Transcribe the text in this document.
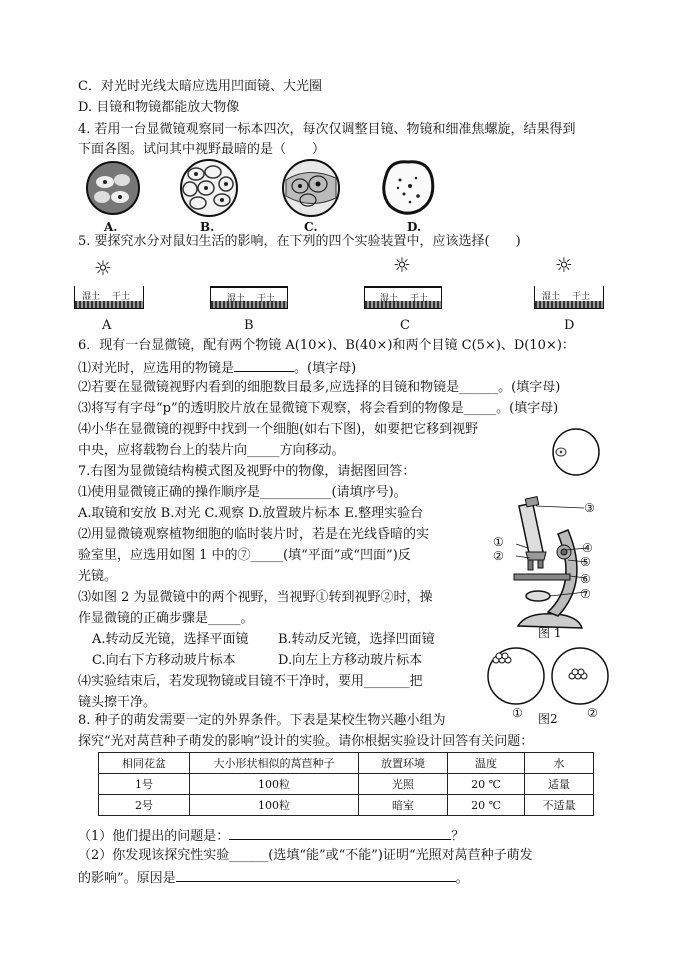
C．对光时光线太暗应选用凹面镜、大光圈
D. 目镜和物镜都能放大物像
4. 若用一台显微镜观察同一标本四次，每次仅调整目镜、物镜和细准焦螺旋，结果得到
下面各图。试问其中视野最暗的是（　　）
A.	B.	C.	D.
5. 要探究水分对鼠妇生活的影响，在下列的四个实验装置中，应该选择(　　)
☼	☼	☼
湿土 干土	湿土 干土	湿土 干土	湿土 干土
A	B	C	D
6．现有一台显微镜，配有两个物镜 A(10×)、B(40×)和两个目镜 C(5×)、D(10×)：
⑴对光时，应选用的物镜是	。(填字母)
⑵若要在显微镜视野内看到的细胞数目最多,应选择的目镜和物镜是______。(填字母)
⑶将写有字母“p”的透明胶片放在显微镜下观察，将会看到的物像是_____。(填字母)
⑷小华在显微镜的视野中找到一个细胞(如右下图)，如要把它移到视野
中央，应将载物台上的装片向_____方向移动。
7.右图为显微镜结构模式图及视野中的物像，请据图回答：
⑴使用显微镜正确的操作顺序是___________(请填序号)。
A.取镜和安放 B.对光 C.观察 D.放置玻片标本 E.整理实验台
⑵用显微镜观察植物细胞的临时装片时，若是在光线昏暗的实
验室里，应选用如图 1 中的⑦_____(填“平面”或“凹面”)反
光镜。
⑶如图 2 为显微镜中的两个视野，当视野①转到视野②时，操
作显微镜的正确步骤是_____。
A.转动反光镜，选择平面镜 B.转动反光镜，选择凹面镜
C.向右下方移动玻片标本	D.向左上方移动玻片标本
⑷实验结束后，若发现物镜或目镜不干净时，要用_______把
镜头擦干净。
③
①
②
④
⑤
⑥
⑦
图 1
①	②
图2
8. 种子的萌发需要一定的外界条件。下表是某校生物兴趣小组为
探究“光对莴苣种子萌发的影响”设计的实验。请你根据实验设计回答有关问题：
相同花盆	大小形状相似的莴苣种子	放置环境	温度	水
1号	100粒	光照	20 ℃	适量
2号	100粒	暗室	20 ℃	不适量
（1）他们提出的问题是：	？
（2）你发现该探究性实验______(选填“能”或“不能”)证明“光照对莴苣种子萌发
的影响”。原因是	。
